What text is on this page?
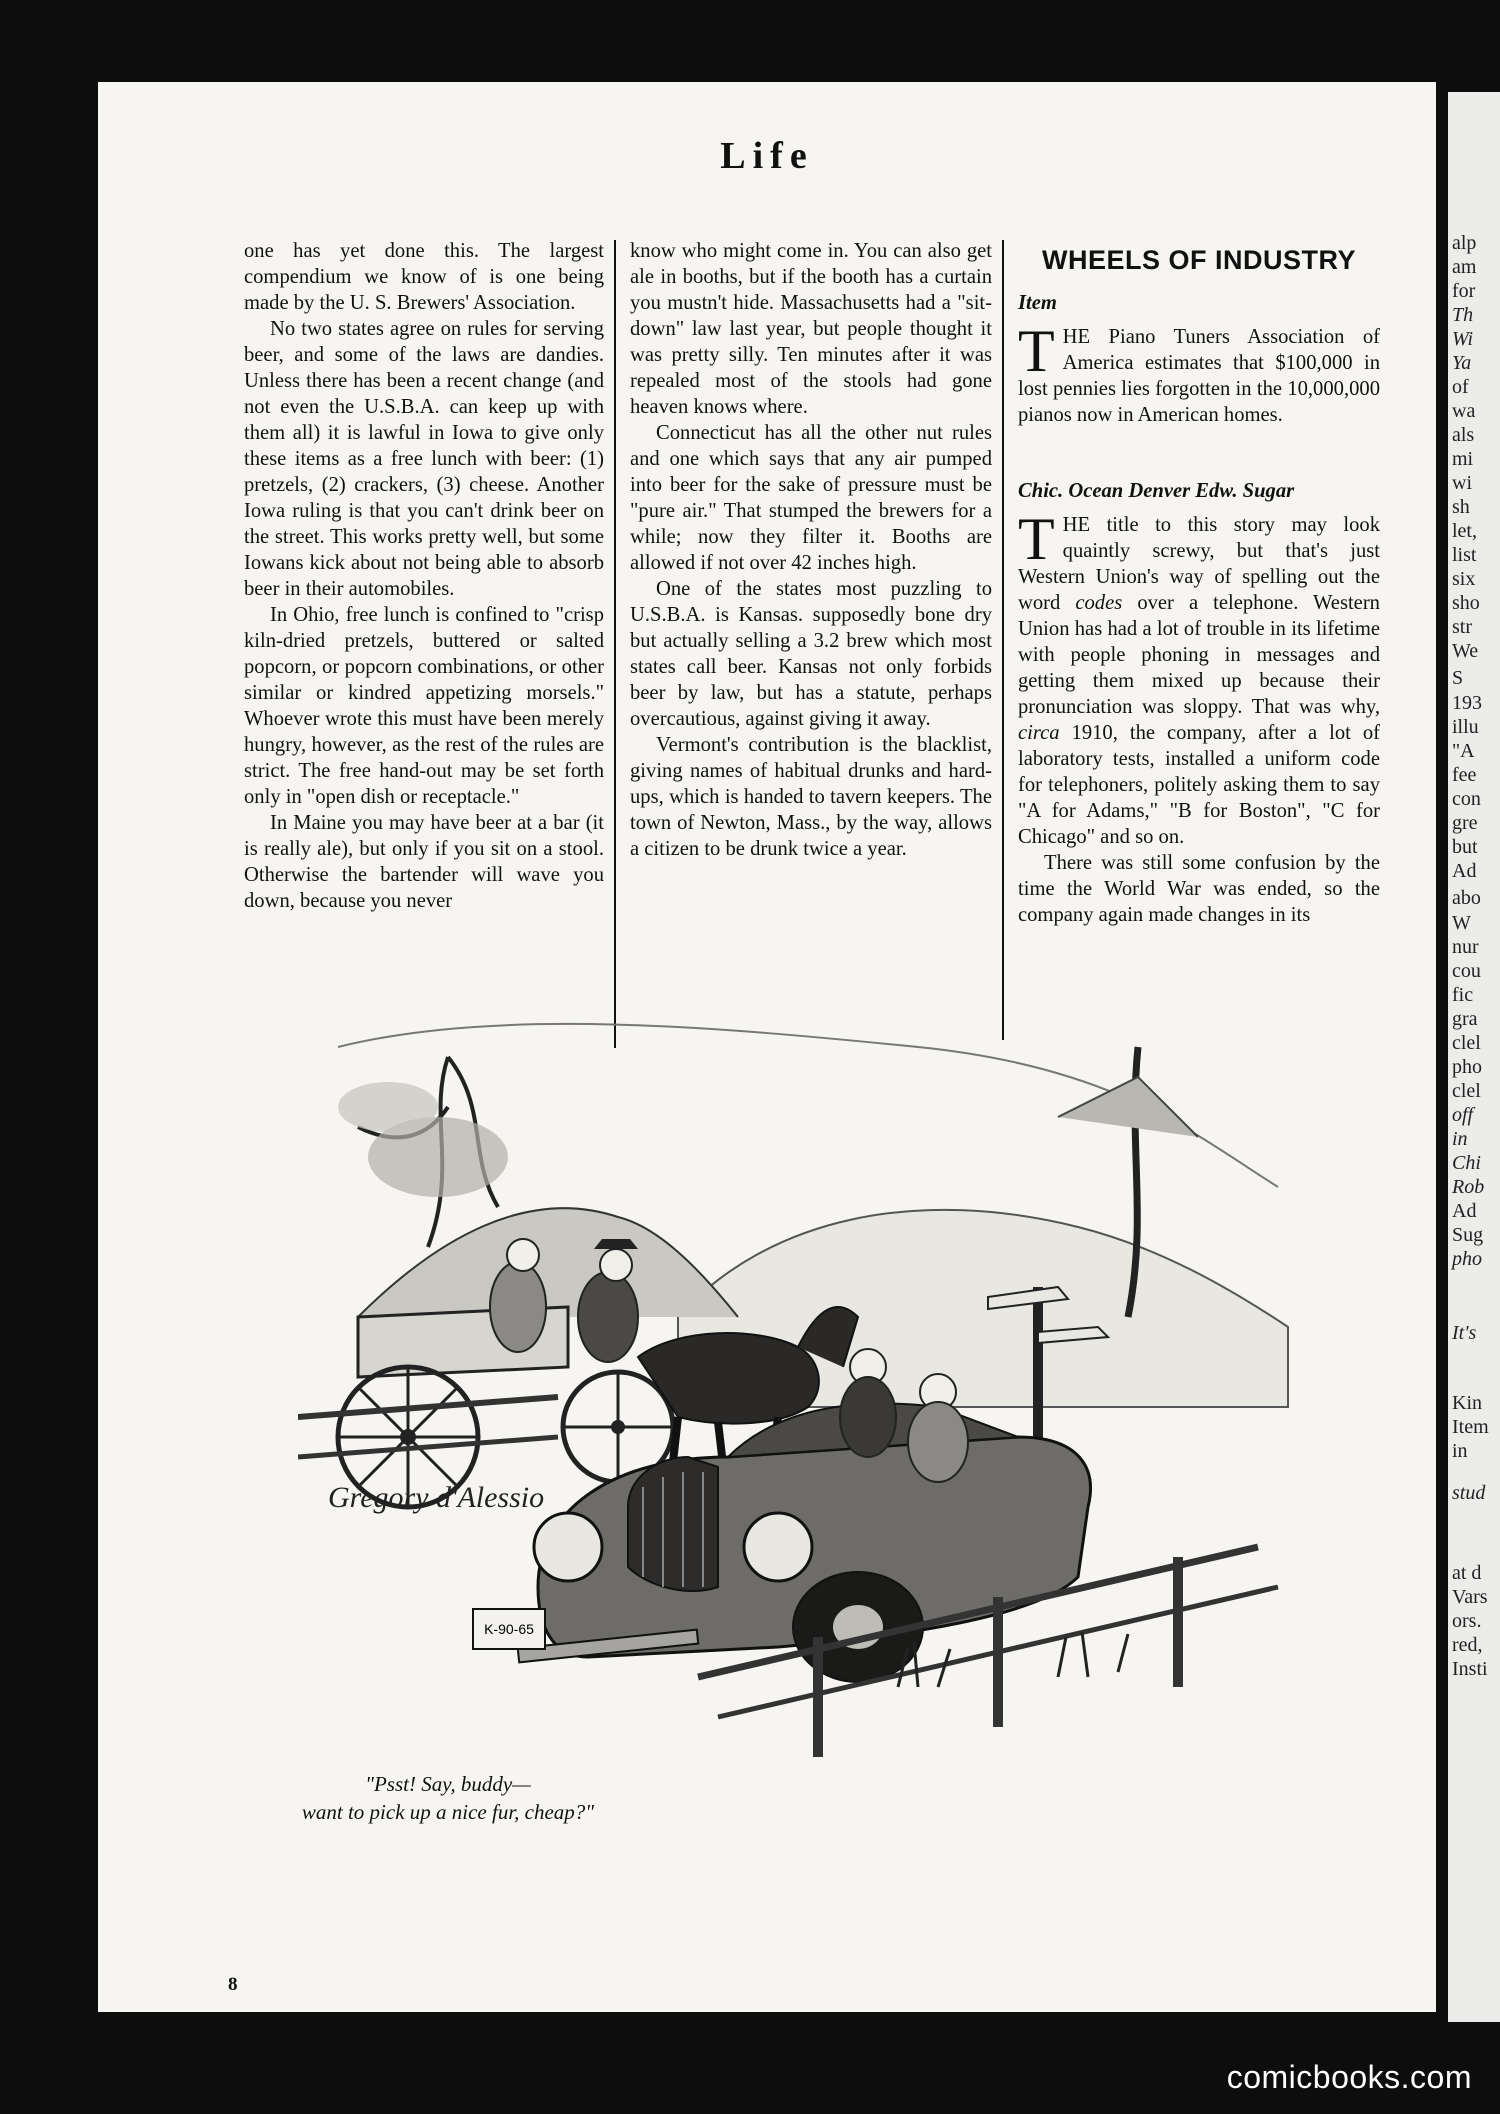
Life

one has yet done this. The largest compendium we know of is one being made by the U. S. Brewers' Association.

No two states agree on rules for serving beer, and some of the laws are dandies. Unless there has been a recent change (and not even the U.S.B.A. can keep up with them all) it is lawful in Iowa to give only these items as a free lunch with beer: (1) pretzels, (2) crackers, (3) cheese. Another Iowa ruling is that you can't drink beer on the street. This works pretty well, but some Iowans kick about not being able to absorb beer in their automobiles.

In Ohio, free lunch is confined to "crisp kiln-dried pretzels, buttered or salted popcorn, or popcorn combinations, or other similar or kindred appetizing morsels." Whoever wrote this must have been merely hungry, however, as the rest of the rules are strict. The free hand-out may be set forth only in "open dish or receptacle."

In Maine you may have beer at a bar (it is really ale), but only if you sit on a stool. Otherwise the bartender will wave you down, because you never

know who might come in. You can also get ale in booths, but if the booth has a curtain you mustn't hide. Massachusetts had a "sit-down" law last year, but people thought it was pretty silly. Ten minutes after it was repealed most of the stools had gone heaven knows where.

Connecticut has all the other nut rules and one which says that any air pumped into beer for the sake of pressure must be "pure air." That stumped the brewers for a while; now they filter it. Booths are allowed if not over 42 inches high.

One of the states most puzzling to U.S.B.A. is Kansas. supposedly bone dry but actually selling a 3.2 brew which most states call beer. Kansas not only forbids beer by law, but has a statute, perhaps overcautious, against giving it away.

Vermont's contribution is the blacklist, giving names of habitual drunks and hard-ups, which is handed to tavern keepers. The town of Newton, Mass., by the way, allows a citizen to be drunk twice a year.

WHEELS OF INDUSTRY
Item

THE Piano Tuners Association of America estimates that $100,000 in lost pennies lies forgotten in the 10,000,000 pianos now in American homes.

Chic. Ocean Denver Edw. Sugar

THE title to this story may look quaintly screwy, but that's just Western Union's way of spelling out the word codes over a telephone. Western Union has had a lot of trouble in its lifetime with people phoning in messages and getting them mixed up because their pronunciation was sloppy. That was why, circa 1910, the company, after a lot of laboratory tests, installed a uniform code for telephoners, politely asking them to say "A for Adams," "B for Boston", "C for Chicago" and so on.

There was still some confusion by the time the World War was ended, so the company again made changes in its

K-90-65
Gregory d'Alessio
"Psst! Say, buddy—
want to pick up a nice fur, cheap?"
8
alp
am
for
Th
Wi
Ya
of
wa
als
mi
wi
sh
let,
list
six
sho
str
We
S
193
illu
"A
fee
con
gre
but
Ad
abo
W
nur
cou
fic
gra
clel
pho
clel
off
in
Chi
Rob
Ad
Sug
pho
It's
Kin
Item
in
stud
at d
Vars
ors.
red,
Insti
comicbooks.com
